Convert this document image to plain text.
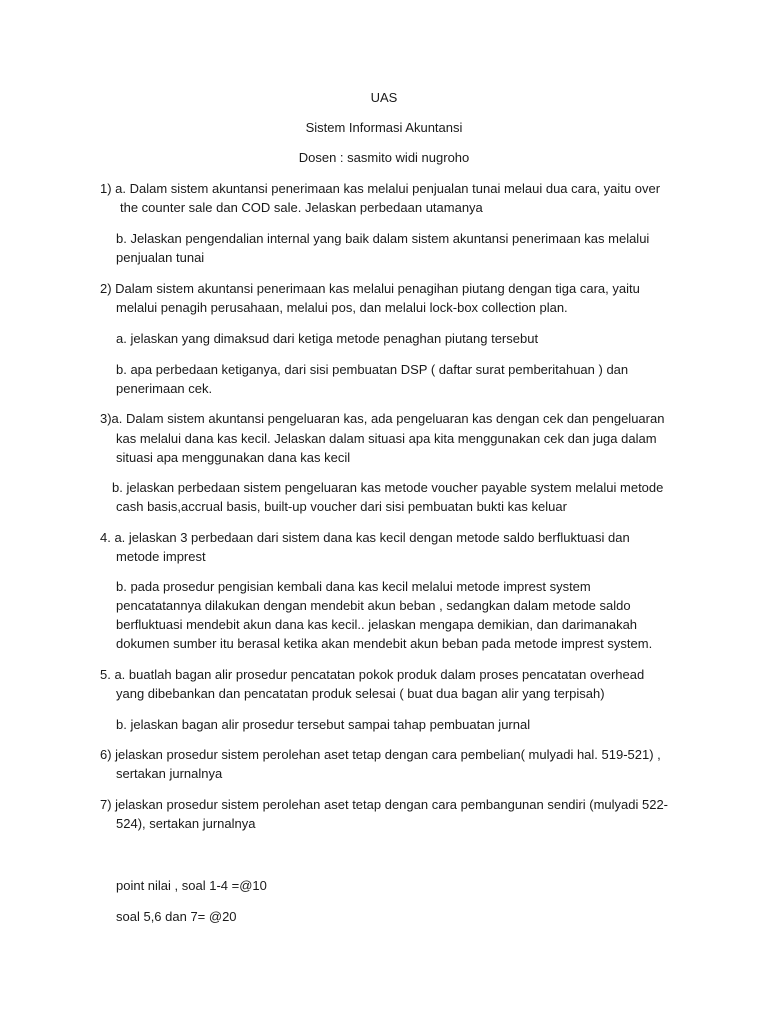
UAS
Sistem Informasi Akuntansi
Dosen : sasmito widi nugroho
1) a. Dalam sistem akuntansi penerimaan kas melalui penjualan tunai melaui dua cara, yaitu over
the counter sale dan COD sale. Jelaskan perbedaan utamanya
b. Jelaskan pengendalian internal yang baik dalam sistem akuntansi penerimaan kas melalui
penjualan tunai
2) Dalam sistem akuntansi penerimaan kas melalui penagihan piutang dengan tiga cara, yaitu
melalui penagih perusahaan, melalui pos, dan melalui lock-box collection plan.
a. jelaskan yang dimaksud dari ketiga metode penaghan piutang tersebut
b. apa perbedaan ketiganya, dari sisi pembuatan DSP ( daftar surat pemberitahuan ) dan
penerimaan cek.
3)a. Dalam sistem akuntansi pengeluaran kas, ada pengeluaran kas dengan cek dan pengeluaran
kas melalui dana kas kecil. Jelaskan dalam situasi apa kita menggunakan cek dan juga dalam
situasi apa menggunakan dana kas kecil
b. jelaskan perbedaan sistem pengeluaran kas metode voucher payable system melalui metode
cash basis,accrual basis, built-up voucher dari sisi pembuatan bukti kas keluar
4. a. jelaskan 3 perbedaan dari sistem dana kas kecil dengan metode saldo berfluktuasi dan
metode imprest
b. pada prosedur pengisian kembali dana kas kecil melalui metode imprest system
pencatatannya dilakukan dengan mendebit akun beban , sedangkan dalam metode saldo
berfluktuasi mendebit akun dana kas kecil.. jelaskan mengapa demikian, dan darimanakah
dokumen sumber itu berasal ketika akan mendebit akun beban pada metode imprest system.
5. a. buatlah bagan alir prosedur pencatatan pokok produk dalam proses pencatatan overhead
yang dibebankan dan pencatatan produk selesai ( buat dua bagan alir yang terpisah)
b. jelaskan bagan alir prosedur tersebut sampai tahap pembuatan jurnal
6) jelaskan prosedur sistem perolehan aset tetap dengan cara pembelian( mulyadi hal. 519-521) ,
sertakan jurnalnya
7) jelaskan prosedur sistem perolehan aset tetap dengan cara pembangunan sendiri (mulyadi 522-
524), sertakan jurnalnya
point nilai , soal 1-4 =@10
soal 5,6 dan 7= @20
